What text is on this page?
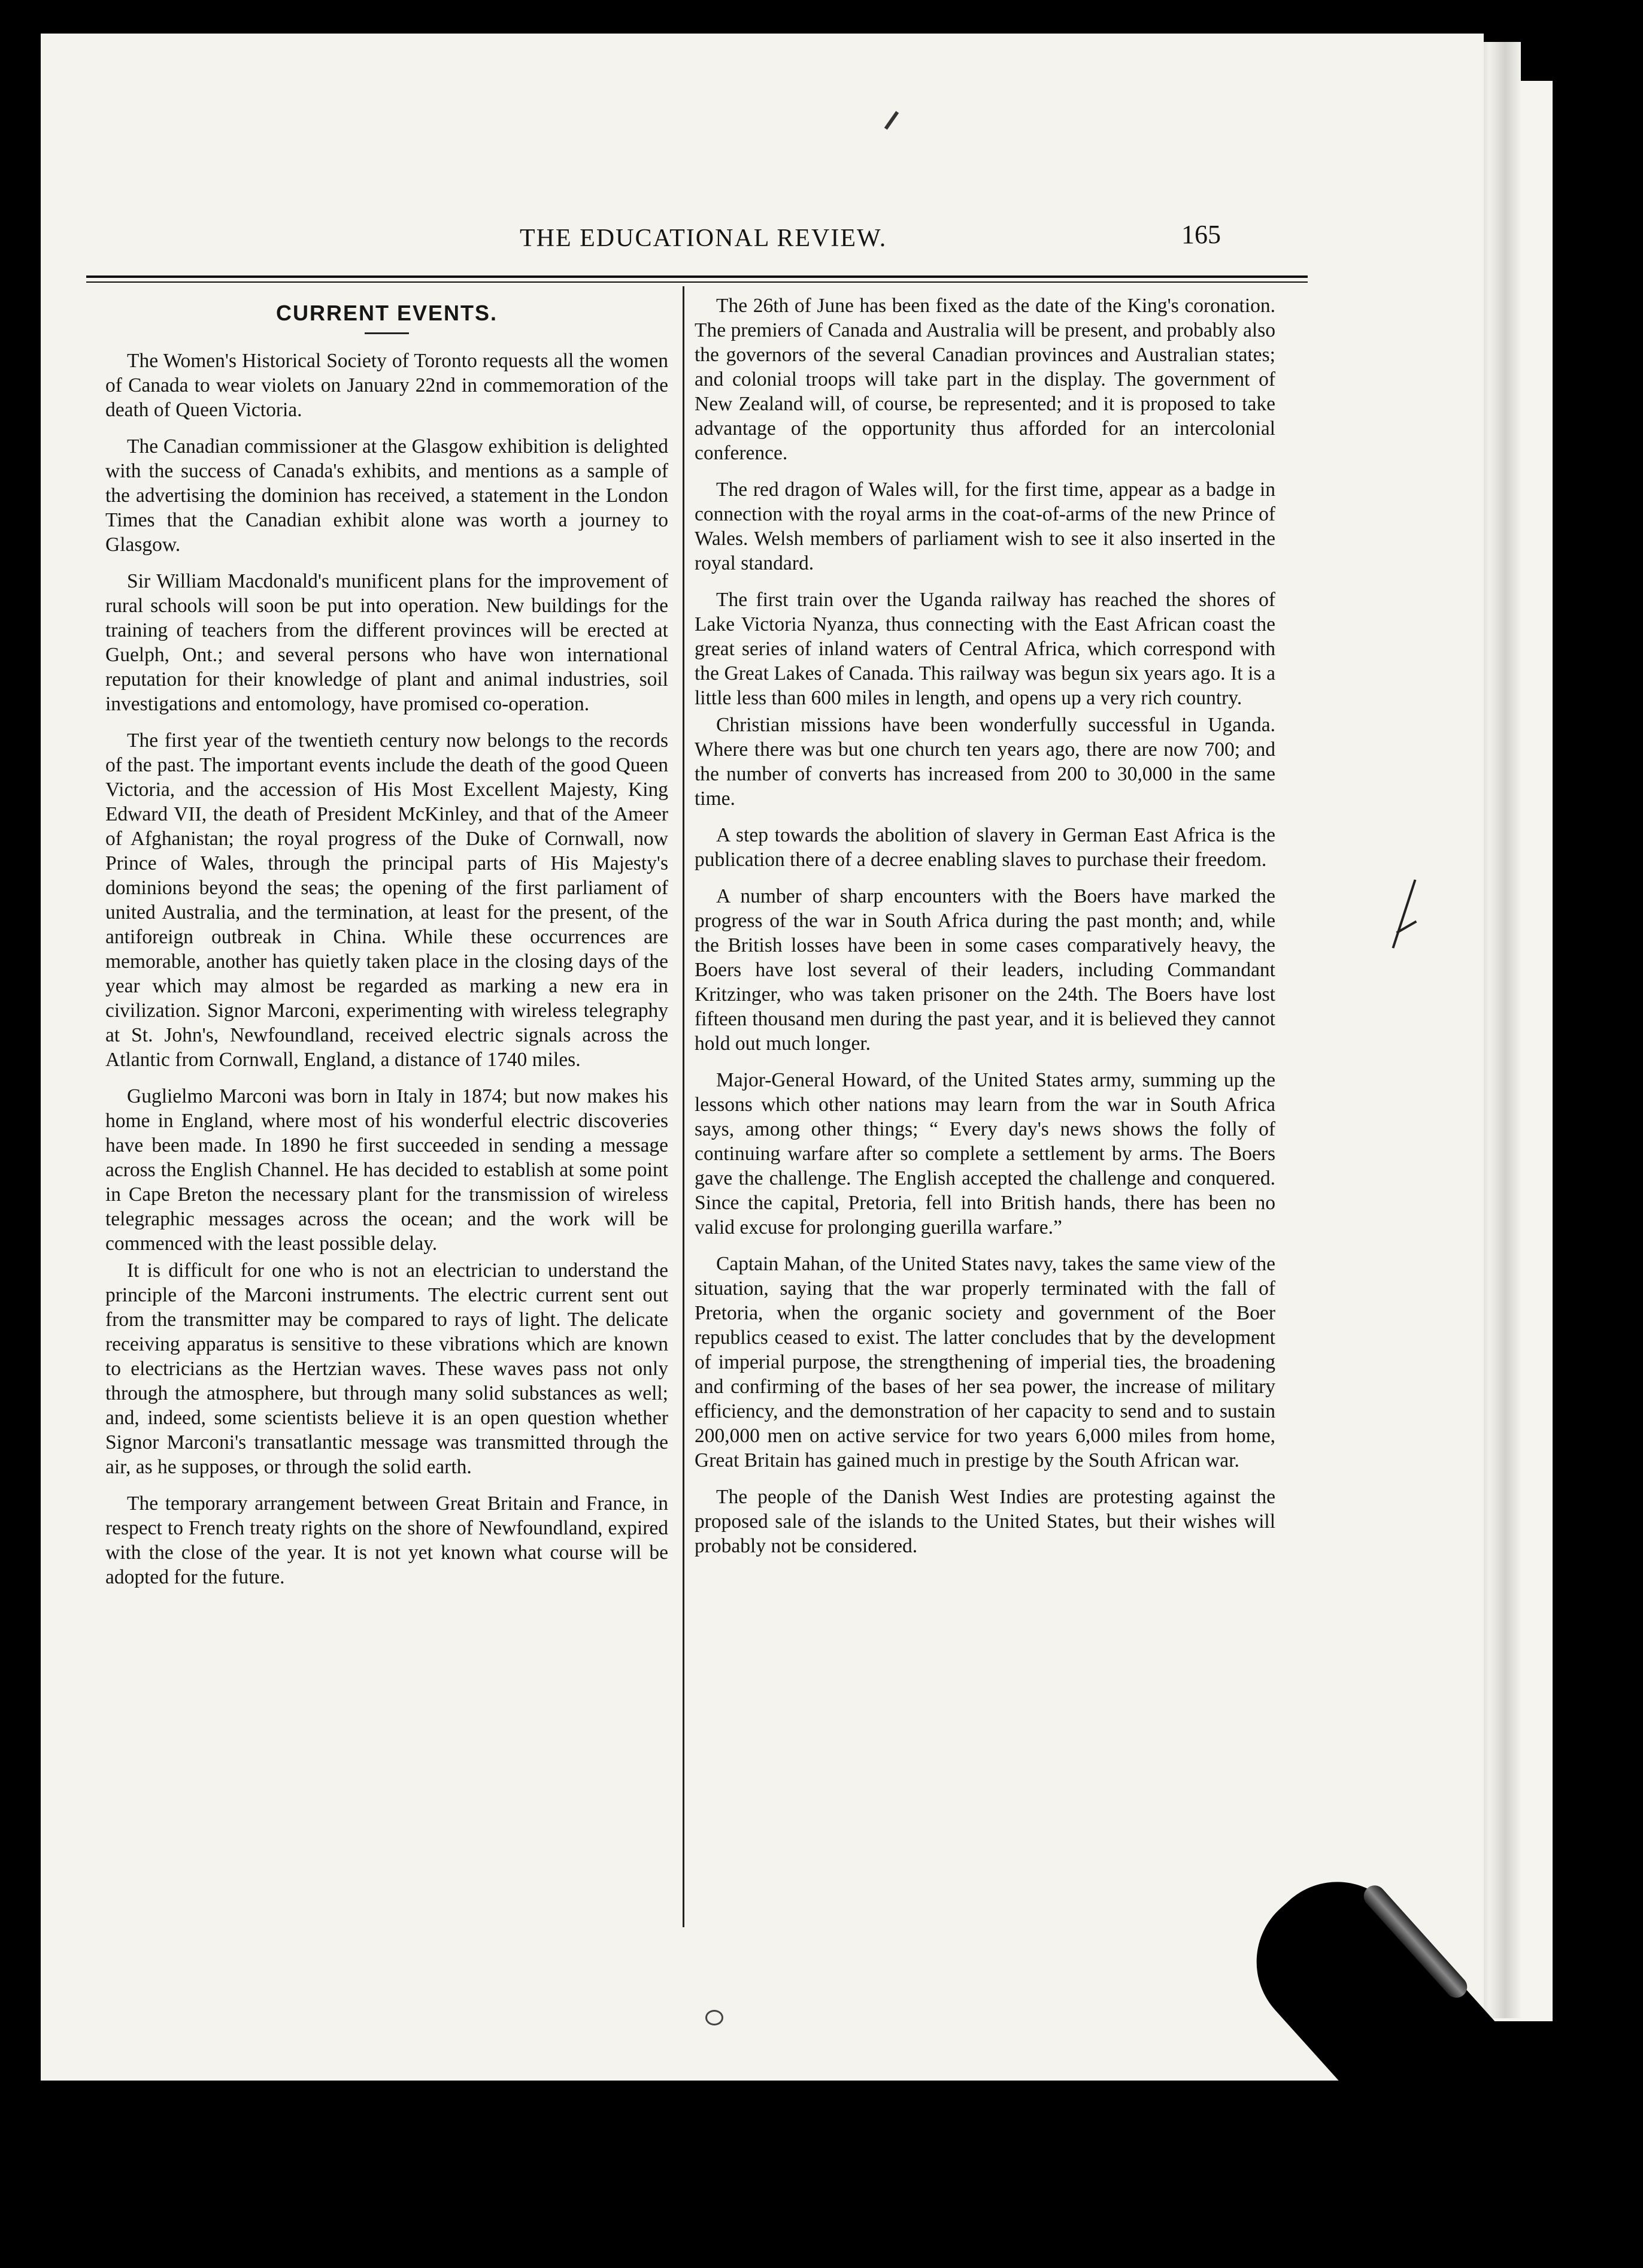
THE EDUCATIONAL REVIEW.	165
CURRENT EVENTS.

The Women's Historical Society of Toronto requests all the women of Canada to wear violets on January 22nd in commemoration of the death of Queen Victoria.

The Canadian commissioner at the Glasgow exhibition is delighted with the success of Canada's exhibits, and mentions as a sample of the advertising the dominion has received, a statement in the London Times that the Canadian exhibit alone was worth a journey to Glasgow.

Sir William Macdonald's munificent plans for the improvement of rural schools will soon be put into operation. New buildings for the training of teachers from the different provinces will be erected at Guelph, Ont.; and several persons who have won international reputation for their knowledge of plant and animal industries, soil investigations and entomology, have promised co-operation.

The first year of the twentieth century now belongs to the records of the past. The important events include the death of the good Queen Victoria, and the accession of His Most Excellent Majesty, King Edward VII, the death of President McKinley, and that of the Ameer of Afghanistan; the royal progress of the Duke of Cornwall, now Prince of Wales, through the principal parts of His Majesty's dominions beyond the seas; the opening of the first parliament of united Australia, and the termination, at least for the present, of the antiforeign outbreak in China. While these occurrences are memorable, another has quietly taken place in the closing days of the year which may almost be regarded as marking a new era in civilization. Signor Marconi, experimenting with wireless telegraphy at St. John's, Newfoundland, received electric signals across the Atlantic from Cornwall, England, a distance of 1740 miles.

Guglielmo Marconi was born in Italy in 1874; but now makes his home in England, where most of his wonderful electric discoveries have been made. In 1890 he first succeeded in sending a message across the English Channel. He has decided to establish at some point in Cape Breton the necessary plant for the transmission of wireless telegraphic messages across the ocean; and the work will be commenced with the least possible delay.

It is difficult for one who is not an electrician to understand the principle of the Marconi instruments. The electric current sent out from the transmitter may be compared to rays of light. The delicate receiving apparatus is sensitive to these vibrations which are known to electricians as the Hertzian waves. These waves pass not only through the atmosphere, but through many solid substances as well; and, indeed, some scientists believe it is an open question whether Signor Marconi's transatlantic message was transmitted through the air, as he supposes, or through the solid earth.

The temporary arrangement between Great Britain and France, in respect to French treaty rights on the shore of Newfoundland, expired with the close of the year. It is not yet known what course will be adopted for the future.

The 26th of June has been fixed as the date of the King's coronation. The premiers of Canada and Australia will be present, and probably also the governors of the several Canadian provinces and Australian states; and colonial troops will take part in the display. The government of New Zealand will, of course, be represented; and it is proposed to take advantage of the opportunity thus afforded for an intercolonial conference.

The red dragon of Wales will, for the first time, appear as a badge in connection with the royal arms in the coat-of-arms of the new Prince of Wales. Welsh members of parliament wish to see it also inserted in the royal standard.

The first train over the Uganda railway has reached the shores of Lake Victoria Nyanza, thus connecting with the East African coast the great series of inland waters of Central Africa, which correspond with the Great Lakes of Canada. This railway was begun six years ago. It is a little less than 600 miles in length, and opens up a very rich country.

Christian missions have been wonderfully successful in Uganda. Where there was but one church ten years ago, there are now 700; and the number of converts has increased from 200 to 30,000 in the same time.

A step towards the abolition of slavery in German East Africa is the publication there of a decree enabling slaves to purchase their freedom.

A number of sharp encounters with the Boers have marked the progress of the war in South Africa during the past month; and, while the British losses have been in some cases comparatively heavy, the Boers have lost several of their leaders, including Commandant Kritzinger, who was taken prisoner on the 24th. The Boers have lost fifteen thousand men during the past year, and it is believed they cannot hold out much longer.

Major-General Howard, of the United States army, summing up the lessons which other nations may learn from the war in South Africa says, among other things; “ Every day's news shows the folly of continuing warfare after so complete a settlement by arms. The Boers gave the challenge. The English accepted the challenge and conquered. Since the capital, Pretoria, fell into British hands, there has been no valid excuse for prolonging guerilla warfare.”

Captain Mahan, of the United States navy, takes the same view of the situation, saying that the war properly terminated with the fall of Pretoria, when the organic society and government of the Boer republics ceased to exist. The latter concludes that by the development of imperial purpose, the strengthening of imperial ties, the broadening and confirming of the bases of her sea power, the increase of military efficiency, and the demonstration of her capacity to send and to sustain 200,000 men on active service for two years 6,000 miles from home, Great Britain has gained much in prestige by the South African war.

The people of the Danish West Indies are protesting against the proposed sale of the islands to the United States, but their wishes will probably not be considered.
